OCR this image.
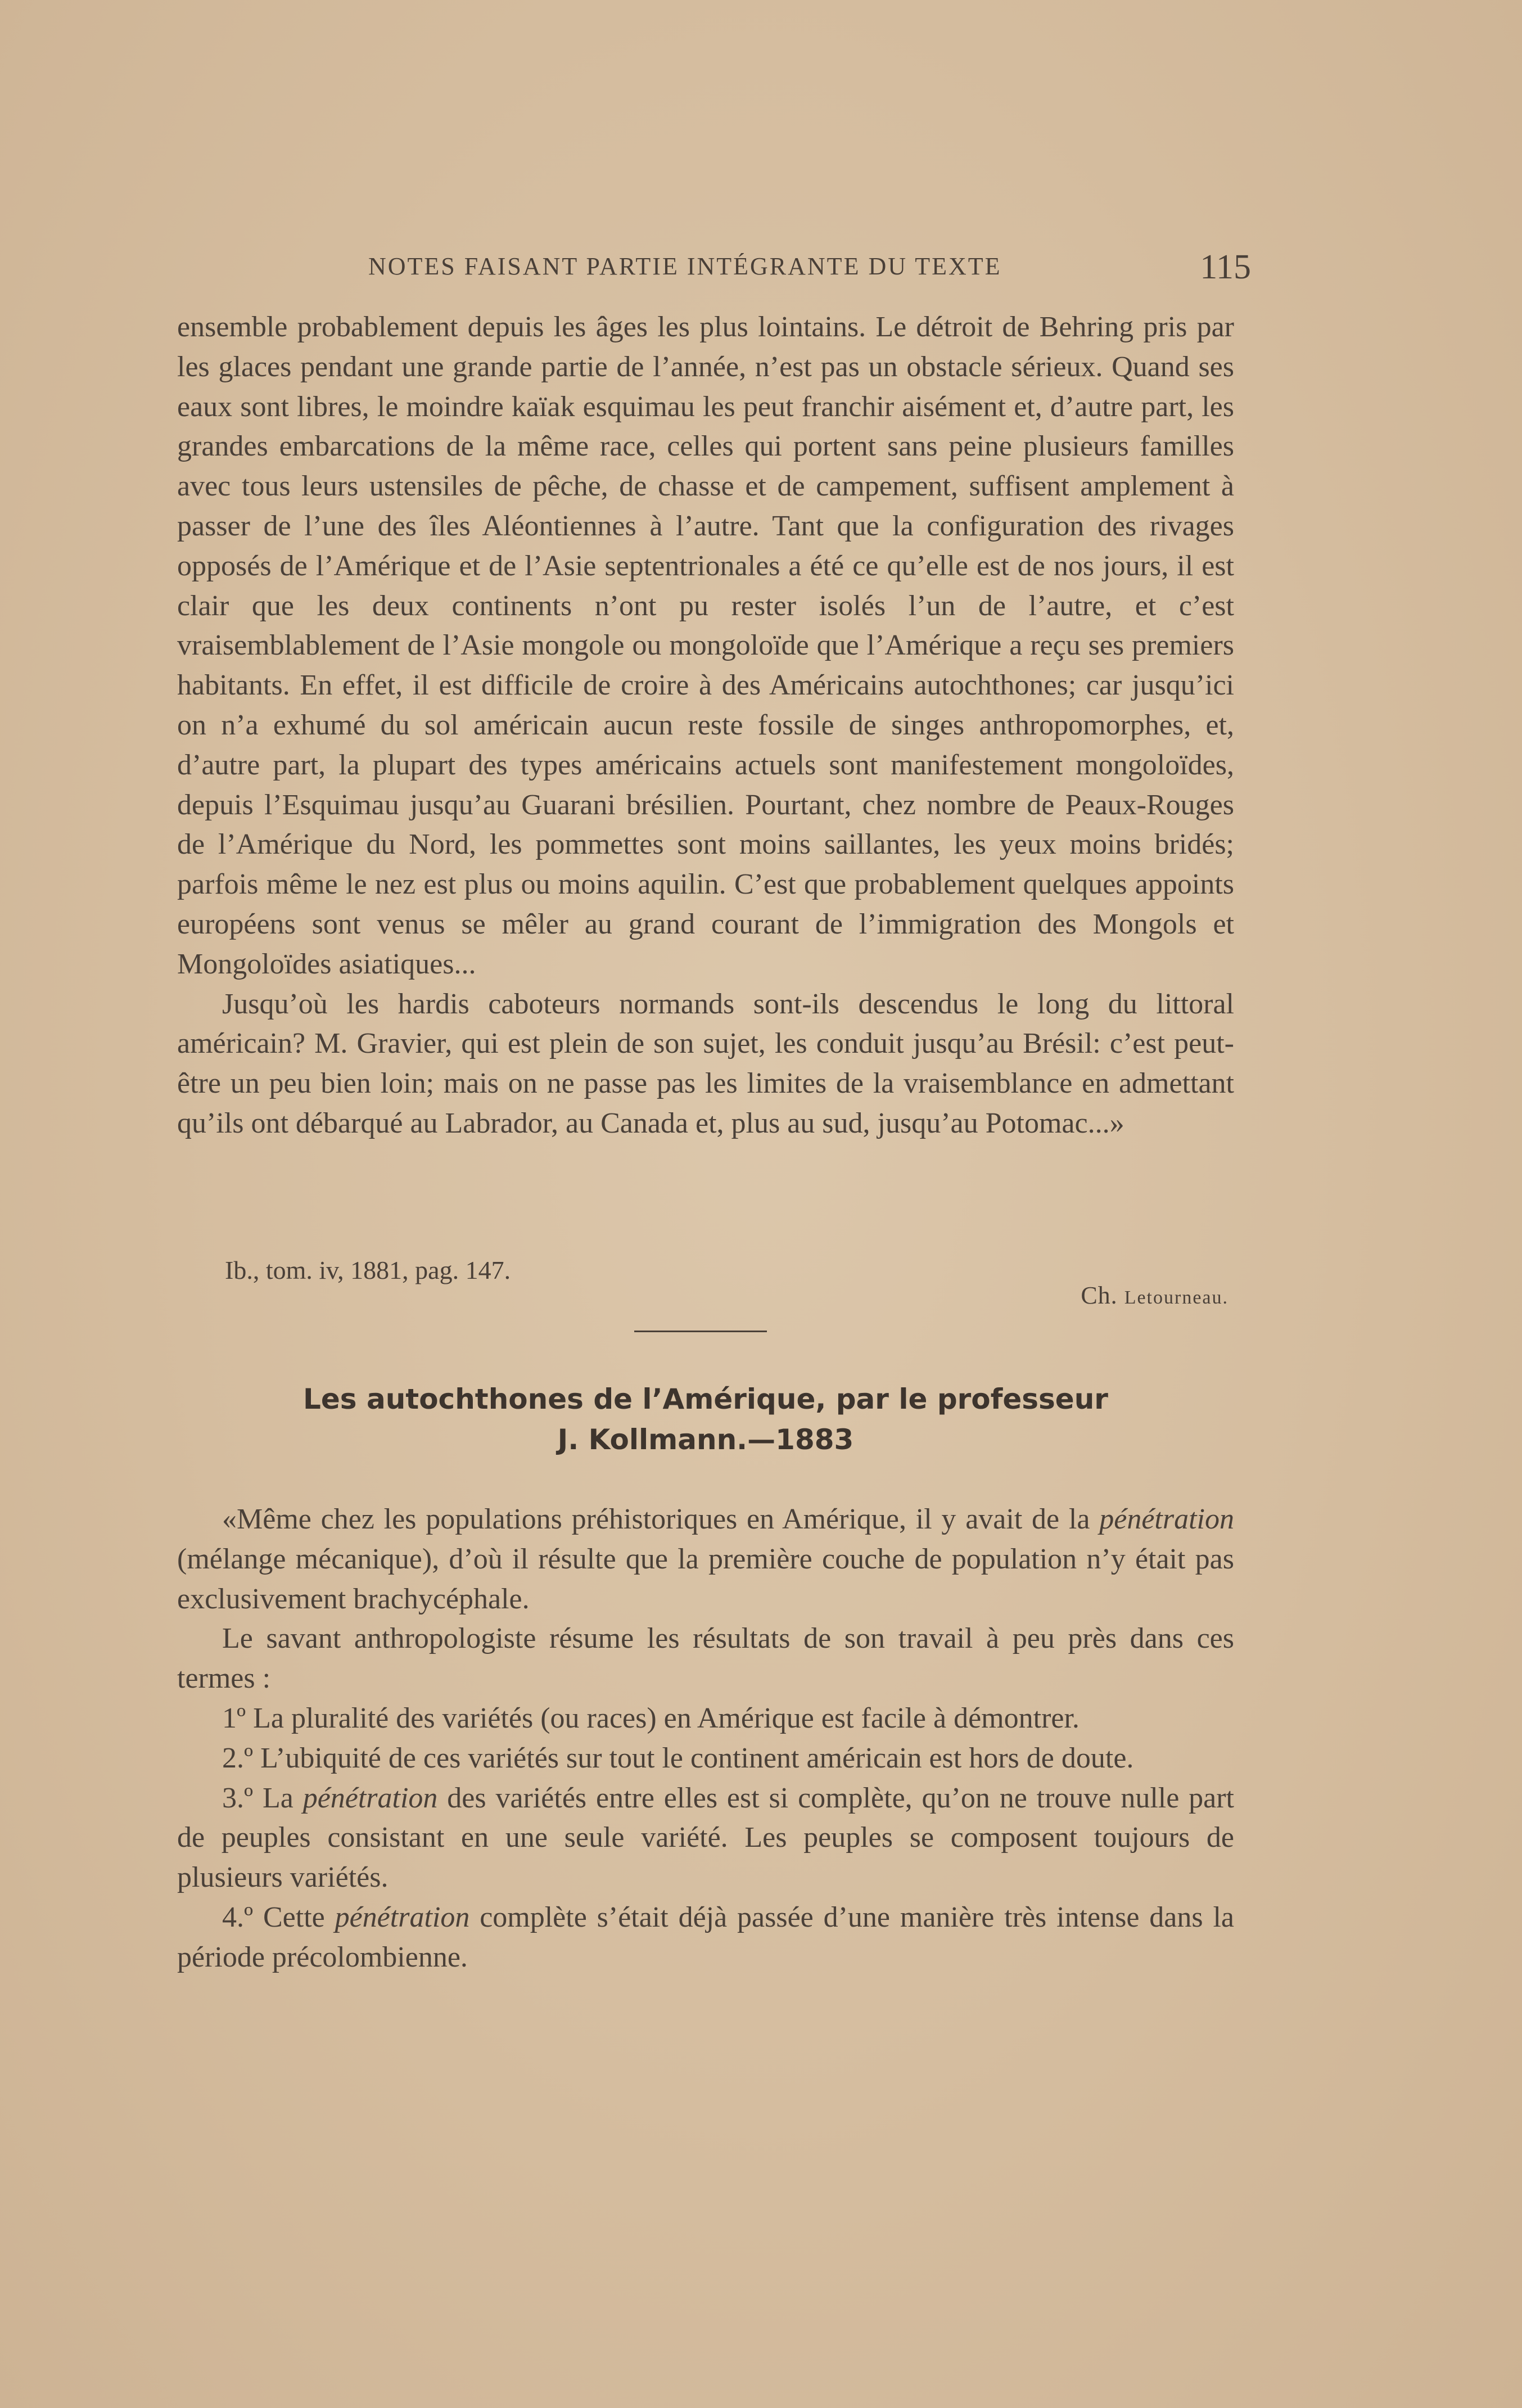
NOTES FAISANT PARTIE INTÉGRANTE DU TEXTE	115

ensemble probablement depuis les âges les plus lointains. Le détroit de Behring pris par les glaces pendant une grande partie de l’année, n’est pas un obstacle sérieux. Quand ses eaux sont libres, le moindre kaïak esquimau les peut franchir aisément et, d’autre part, les grandes embarcations de la même race, celles qui portent sans peine plusieurs familles avec tous leurs ustensiles de pêche, de chasse et de campement, suffisent amplement à passer de l’une des îles Aléontiennes à l’autre. Tant que la configuration des rivages opposés de l’Amérique et de l’Asie septentrionales a été ce qu’elle est de nos jours, il est clair que les deux continents n’ont pu rester isolés l’un de l’autre, et c’est vraisemblablement de l’Asie mongole ou mongoloïde que l’Amérique a reçu ses premiers habitants. En effet, il est difficile de croire à des Américains autochthones; car jusqu’ici on n’a exhumé du sol américain aucun reste fossile de singes anthropomorphes, et, d’autre part, la plupart des types américains actuels sont manifestement mongoloïdes, depuis l’Esquimau jusqu’au Guarani brésilien. Pourtant, chez nombre de Peaux-Rouges de l’Amérique du Nord, les pommettes sont moins saillantes, les yeux moins bridés; parfois même le nez est plus ou moins aquilin. C’est que probablement quelques appoints européens sont venus se mêler au grand courant de l’immigration des Mongols et Mongoloïdes asiatiques...

Jusqu’où les hardis caboteurs normands sont-ils descendus le long du littoral américain? M. Gravier, qui est plein de son sujet, les conduit jusqu’au Brésil: c’est peut-être un peu bien loin; mais on ne passe pas les limites de la vraisemblance en admettant qu’ils ont débarqué au Labrador, au Canada et, plus au sud, jusqu’au Potomac...»

Ib., tom. iv, 1881, pag. 147.
Ch. Letourneau.
Les autochthones de l’Amérique, par le professeur
J. Kollmann.—1883

«Même chez les populations préhistoriques en Amérique, il y avait de la pénétration (mélange mécanique), d’où il résulte que la première couche de population n’y était pas exclusivement brachycéphale.

Le savant anthropologiste résume les résultats de son travail à peu près dans ces termes :

1º La pluralité des variétés (ou races) en Amérique est facile à démontrer.

2.º L’ubiquité de ces variétés sur tout le continent américain est hors de doute.

3.º La pénétration des variétés entre elles est si complète, qu’on ne trouve nulle part de peuples consistant en une seule variété. Les peuples se composent toujours de plusieurs variétés.

4.º Cette pénétration complète s’était déjà passée d’une manière très intense dans la période précolombienne.
